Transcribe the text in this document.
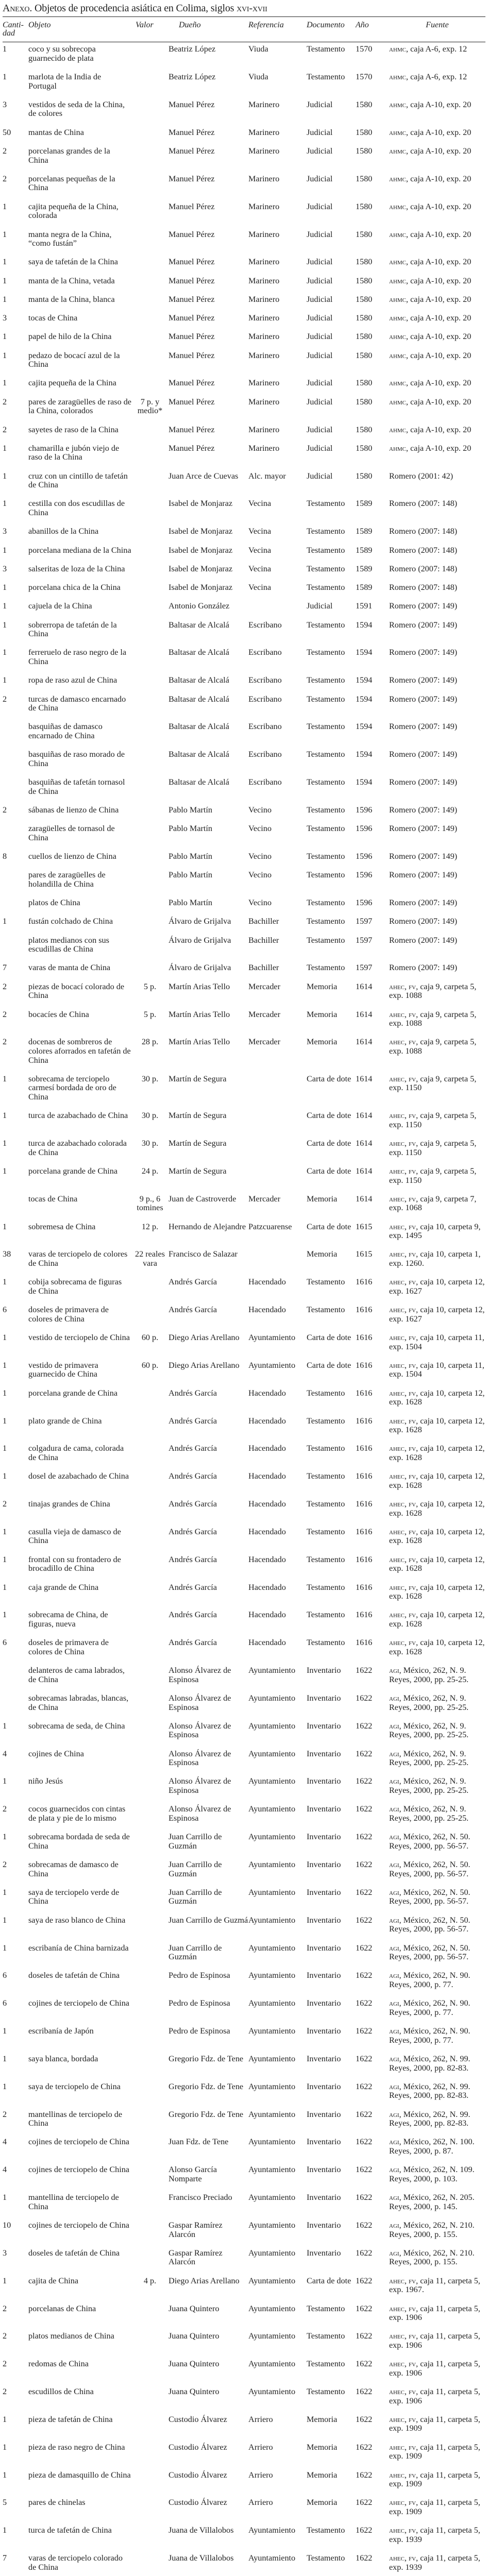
Anexo. Objetos de procedencia asiática en Colima, siglos xvi-xvii
Canti-dad	Objeto	Valor	Dueño	Referencia	Documento	Año	Fuente
1	coco y su sobrecopa guarnecido de plata		Beatriz López	Viuda	Testamento	1570	ahmc, caja A-6, exp. 12
1	marlota de la India de Portugal		Beatriz López	Viuda	Testamento	1570	ahmc, caja A-6, exp. 12
3	vestidos de seda de la China, de colores		Manuel Pérez	Marinero	Judicial	1580	ahmc, caja A-10, exp. 20
50	mantas de China		Manuel Pérez	Marinero	Judicial	1580	ahmc, caja A-10, exp. 20
2	porcelanas grandes de la China		Manuel Pérez	Marinero	Judicial	1580	ahmc, caja A-10, exp. 20
2	porcelanas pequeñas de la China		Manuel Pérez	Marinero	Judicial	1580	ahmc, caja A-10, exp. 20
1	cajita pequeña de la China, colorada		Manuel Pérez	Marinero	Judicial	1580	ahmc, caja A-10, exp. 20
1	manta negra de la China, “como fustán”		Manuel Pérez	Marinero	Judicial	1580	ahmc, caja A-10, exp. 20
1	saya de tafetán de la China		Manuel Pérez	Marinero	Judicial	1580	ahmc, caja A-10, exp. 20
1	manta de la China, vetada		Manuel Pérez	Marinero	Judicial	1580	ahmc, caja A-10, exp. 20
1	manta de la China, blanca		Manuel Pérez	Marinero	Judicial	1580	ahmc, caja A-10, exp. 20
3	tocas de China		Manuel Pérez	Marinero	Judicial	1580	ahmc, caja A-10, exp. 20
1	papel de hilo de la China		Manuel Pérez	Marinero	Judicial	1580	ahmc, caja A-10, exp. 20
1	pedazo de bocací azul de la China		Manuel Pérez	Marinero	Judicial	1580	ahmc, caja A-10, exp. 20
1	cajita pequeña de la China		Manuel Pérez	Marinero	Judicial	1580	ahmc, caja A-10, exp. 20
2	pares de zaragüelles de raso de la China, colorados	7 p. y medio*	Manuel Pérez	Marinero	Judicial	1580	ahmc, caja A-10, exp. 20
2	sayetes de raso de la China		Manuel Pérez	Marinero	Judicial	1580	ahmc, caja A-10, exp. 20
1	chamarilla e jubón viejo de raso de la China		Manuel Pérez	Marinero	Judicial	1580	ahmc, caja A-10, exp. 20
1	cruz con un cintillo de tafetán de China		Juan Arce de Cuevas	Alc. mayor	Judicial	1580	Romero (2001: 42)
1	cestilla con dos escudillas de China		Isabel de Monjaraz	Vecina	Testamento	1589	Romero (2007: 148)
3	abanillos de la China		Isabel de Monjaraz	Vecina	Testamento	1589	Romero (2007: 148)
1	porcelana mediana de la China		Isabel de Monjaraz	Vecina	Testamento	1589	Romero (2007: 148)
3	salseritas de loza de la China		Isabel de Monjaraz	Vecina	Testamento	1589	Romero (2007: 148)
1	porcelana chica de la China		Isabel de Monjaraz	Vecina	Testamento	1589	Romero (2007: 148)
1	cajuela de la China		Antonio González		Judicial	1591	Romero (2007: 149)
1	sobrerropa de tafetán de la China		Baltasar de Alcalá	Escribano	Testamento	1594	Romero (2007: 149)
1	ferreruelo de raso negro de la China		Baltasar de Alcalá	Escribano	Testamento	1594	Romero (2007: 149)
1	ropa de raso azul de China		Baltasar de Alcalá	Escribano	Testamento	1594	Romero (2007: 149)
2	turcas de damasco encarnado de China		Baltasar de Alcalá	Escribano	Testamento	1594	Romero (2007: 149)
	basquiñas de damasco encarnado de China		Baltasar de Alcalá	Escribano	Testamento	1594	Romero (2007: 149)
	basquiñas de raso morado de China		Baltasar de Alcalá	Escribano	Testamento	1594	Romero (2007: 149)
	basquiñas de tafetán tornasol de China		Baltasar de Alcalá	Escribano	Testamento	1594	Romero (2007: 149)
2	sábanas de lienzo de China		Pablo Martín	Vecino	Testamento	1596	Romero (2007: 149)
	zaragüelles de tornasol de China		Pablo Martín	Vecino	Testamento	1596	Romero (2007: 149)
8	cuellos de lienzo de China		Pablo Martín	Vecino	Testamento	1596	Romero (2007: 149)
	pares de zaragüelles de holandilla de China		Pablo Martín	Vecino	Testamento	1596	Romero (2007: 149)
	platos de China		Pablo Martín	Vecino	Testamento	1596	Romero (2007: 149)
1	fustán colchado de China		Álvaro de Grijalva	Bachiller	Testamento	1597	Romero (2007: 149)
	platos medianos con sus escudillas de China		Álvaro de Grijalva	Bachiller	Testamento	1597	Romero (2007: 149)
7	varas de manta de China		Álvaro de Grijalva	Bachiller	Testamento	1597	Romero (2007: 149)
2	piezas de bocací colorado de China	5 p.	Martín Arias Tello	Mercader	Memoria	1614	ahec, fv, caja 9, carpeta 5, exp. 1088
2	bocacíes de China	5 p.	Martín Arias Tello	Mercader	Memoria	1614	ahec, fv, caja 9, carpeta 5, exp. 1088
2	docenas de sombreros de colores aforrados en tafetán de China	28 p.	Martín Arias Tello	Mercader	Memoria	1614	ahec, fv, caja 9, carpeta 5, exp. 1088
1	sobrecama de terciopelo carmesí bordada de oro de China	30 p.	Martín de Segura		Carta de dote	1614	ahec, fv, caja 9, carpeta 5, exp. 1150
1	turca de azabachado de China	30 p.	Martín de Segura		Carta de dote	1614	ahec, fv, caja 9, carpeta 5, exp. 1150
1	turca de azabachado colorada de China	30 p.	Martín de Segura		Carta de dote	1614	ahec, fv, caja 9, carpeta 5, exp. 1150
1	porcelana grande de China	24 p.	Martín de Segura		Carta de dote	1614	ahec, fv, caja 9, carpeta 5, exp. 1150
	tocas de China	9 p., 6 tomines	Juan de Castroverde	Mercader	Memoria	1614	ahec, fv, caja 9, carpeta 7, exp. 1068
1	sobremesa de China	12 p.	Hernando de Alejandre	Patzcuarense	Carta de dote	1615	ahec, fv, caja 10, carpeta 9, exp. 1495
38	varas de terciopelo de colores de China	22 reales vara	Francisco de Salazar		Memoria	1615	ahec, fv, caja 10, carpeta 1, exp. 1260.
1	cobija sobrecama de figuras de China		Andrés García	Hacendado	Testamento	1616	ahec, fv, caja 10, carpeta 12, exp. 1627
6	doseles de primavera de colores de China		Andrés García	Hacendado	Testamento	1616	ahec, fv, caja 10, carpeta 12, exp. 1627
1	vestido de terciopelo de China	60 p.	Diego Arias Arellano	Ayuntamiento	Carta de dote	1616	ahec, fv, caja 10, carpeta 11, exp. 1504
1	vestido de primavera guarnecido de China	60 p.	Diego Arias Arellano	Ayuntamiento	Carta de dote	1616	ahec, fv, caja 10, carpeta 11, exp. 1504
1	porcelana grande de China		Andrés García	Hacendado	Testamento	1616	ahec, fv, caja 10, carpeta 12, exp. 1628
1	plato grande de China		Andrés García	Hacendado	Testamento	1616	ahec, fv, caja 10, carpeta 12, exp. 1628
1	colgadura de cama, colorada de China		Andrés García	Hacendado	Testamento	1616	ahec, fv, caja 10, carpeta 12, exp. 1628
1	dosel de azabachado de China		Andrés García	Hacendado	Testamento	1616	ahec, fv, caja 10, carpeta 12, exp. 1628
2	tinajas grandes de China		Andrés García	Hacendado	Testamento	1616	ahec, fv, caja 10, carpeta 12, exp. 1628
1	casulla vieja de damasco de China		Andrés García	Hacendado	Testamento	1616	ahec, fv, caja 10, carpeta 12, exp. 1628
1	frontal con su frontadero de brocadillo de China		Andrés García	Hacendado	Testamento	1616	ahec, fv, caja 10, carpeta 12, exp. 1628
1	caja grande de China		Andrés García	Hacendado	Testamento	1616	ahec, fv, caja 10, carpeta 12, exp. 1628
1	sobrecama de China, de figuras, nueva		Andrés García	Hacendado	Testamento	1616	ahec, fv, caja 10, carpeta 12, exp. 1628
6	doseles de primavera de colores de China		Andrés García	Hacendado	Testamento	1616	ahec, fv, caja 10, carpeta 12, exp. 1628
	delanteros de cama labrados, de China		Alonso Álvarez de Espinosa	Ayuntamiento	Inventario	1622	agi, México, 262, N. 9. Reyes, 2000, pp. 25-25.
	sobrecamas labradas, blancas, de China		Alonso Álvarez de Espinosa	Ayuntamiento	Inventario	1622	agi, México, 262, N. 9. Reyes, 2000, pp. 25-25.
1	sobrecama de seda, de China		Alonso Álvarez de Espinosa	Ayuntamiento	Inventario	1622	agi, México, 262, N. 9. Reyes, 2000, pp. 25-25.
4	cojines de China		Alonso Álvarez de Espinosa	Ayuntamiento	Inventario	1622	agi, México, 262, N. 9. Reyes, 2000, pp. 25-25.
1	niño Jesús		Alonso Álvarez de Espinosa	Ayuntamiento	Inventario	1622	agi, México, 262, N. 9. Reyes, 2000, pp. 25-25.
2	cocos guarnecidos con cintas de plata y pie de lo mismo		Alonso Álvarez de Espinosa	Ayuntamiento	Inventario	1622	agi, México, 262, N. 9. Reyes, 2000, pp. 25-25.
1	sobrecama bordada de seda de China		Juan Carrillo de Guzmán	Ayuntamiento	Inventario	1622	agi, México, 262, N. 50. Reyes, 2000, pp. 56-57.
2	sobrecamas de damasco de China		Juan Carrillo de Guzmán	Ayuntamiento	Inventario	1622	agi, México, 262, N. 50. Reyes, 2000, pp. 56-57.
1	saya de terciopelo verde de China		Juan Carrillo de Guzmán	Ayuntamiento	Inventario	1622	agi, México, 262, N. 50. Reyes, 2000, pp. 56-57.
1	saya de raso blanco de China		Juan Carrillo de Guzmá	Ayuntamiento	Inventario	1622	agi, México, 262, N. 50. Reyes, 2000, pp. 56-57.
1	escribanía de China barnizada		Juan Carrillo de Guzmán	Ayuntamiento	Inventario	1622	agi, México, 262, N. 50. Reyes, 2000, pp. 56-57.
6	doseles de tafetán de China		Pedro de Espinosa	Ayuntamiento	Inventario	1622	agi, México, 262, N. 90. Reyes, 2000, p. 77.
6	cojines de terciopelo de China		Pedro de Espinosa	Ayuntamiento	Inventario	1622	agi, México, 262, N. 90. Reyes, 2000, p. 77.
1	escribanía de Japón		Pedro de Espinosa	Ayuntamiento	Inventario	1622	agi, México, 262, N. 90. Reyes, 2000, p. 77.
1	saya blanca, bordada		Gregorio Fdz. de Tene	Ayuntamiento	Inventario	1622	agi, México, 262, N. 99. Reyes, 2000, pp. 82-83.
1	saya de terciopelo de China		Gregorio Fdz. de Tene	Ayuntamiento	Inventario	1622	agi, México, 262, N. 99. Reyes, 2000, pp. 82-83.
2	mantellinas de terciopelo de China		Gregorio Fdz. de Tene	Ayuntamiento	Inventario	1622	agi, México, 262, N. 99. Reyes, 2000, pp. 82-83.
4	cojines de terciopelo de China		Juan Fdz. de Tene	Ayuntamiento	Inventario	1622	agi, México, 262, N. 100. Reyes, 2000, p. 87.
4	cojines de terciopelo de China		Alonso García Nomparte	Ayuntamiento	Inventario	1622	agi, México, 262, N. 109. Reyes, 2000, p. 103.
1	mantellina de terciopelo de China		Francisco Preciado	Ayuntamiento	Inventario	1622	agi, México, 262, N. 205. Reyes, 2000, p. 145.
10	cojines de terciopelo de China		Gaspar Ramírez Alarcón	Ayuntamiento	Inventario	1622	agi, México, 262, N. 210. Reyes, 2000, p. 155.
3	doseles de tafetán de China		Gaspar Ramírez Alarcón	Ayuntamiento	Inventario	1622	agi, México, 262, N. 210. Reyes, 2000, p. 155.
1	cajita de China	4 p.	Diego Arias Arellano	Ayuntamiento	Carta de dote	1622	ahec, fv, caja 11, carpeta 5, exp. 1967.
2	porcelanas de China		Juana Quintero	Ayuntamiento	Testamento	1622	ahec, fv, caja 11, carpeta 5, exp. 1906
2	platos medianos de China		Juana Quintero	Ayuntamiento	Testamento	1622	ahec, fv, caja 11, carpeta 5, exp. 1906
2	redomas de China		Juana Quintero	Ayuntamiento	Testamento	1622	ahec, fv, caja 11, carpeta 5, exp. 1906
2	escudillos de China		Juana Quintero	Ayuntamiento	Testamento	1622	ahec, fv, caja 11, carpeta 5, exp. 1906
1	pieza de tafetán de China		Custodio Álvarez	Arriero	Memoria	1622	ahec, fv, caja 11, carpeta 5, exp. 1909
1	pieza de raso negro de China		Custodio Álvarez	Arriero	Memoria	1622	ahec, fv, caja 11, carpeta 5, exp. 1909
1	pieza de damasquillo de China		Custodio Álvarez	Arriero	Memoria	1622	ahec, fv, caja 11, carpeta 5, exp. 1909
5	pares de chinelas		Custodio Álvarez	Arriero	Memoria	1622	ahec, fv, caja 11, carpeta 5, exp. 1909
1	turca de tafetán de China		Juana de Villalobos	Ayuntamiento	Testamento	1622	ahec, fv, caja 11, carpeta 5, exp. 1939
7	varas de terciopelo colorado de China		Juana de Villalobos	Ayuntamiento	Testamento	1622	ahec, fv, caja 11, carpeta 5, exp. 1939
